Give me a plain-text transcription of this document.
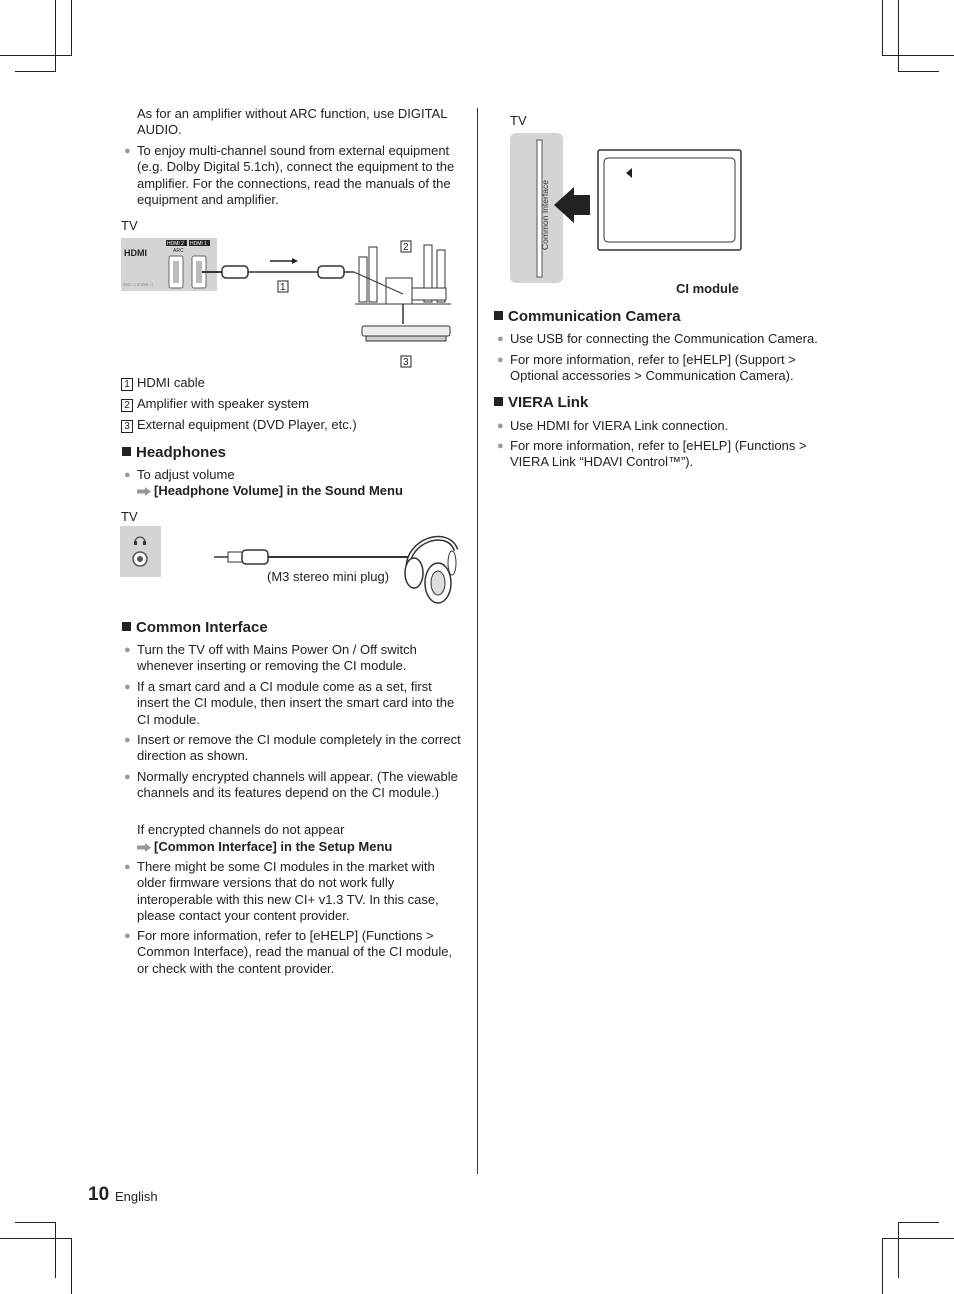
As for an amplifier without ARC function, use DIGITAL AUDIO.
● To enjoy multi-channel sound from external equipment (e.g. Dolby Digital 5.1ch), connect the equipment to the amplifier. For the connections, read the manuals of the equipment and amplifier.
TV
HDMI
HDMI 2
ARC
HDMI 1
SIG ◁ V:250 ◁
2
1
3
1 HDMI cable
2 Amplifier with speaker system
3 External equipment (DVD Player, etc.)
Headphones
● To adjust volume
[Headphone Volume] in the Sound Menu
TV
(M3 stereo mini plug)
Common Interface
● Turn the TV off with Mains Power On / Off switch whenever inserting or removing the CI module.
● If a smart card and a CI module come as a set, first insert the CI module, then insert the smart card into the CI module.
● Insert or remove the CI module completely in the correct direction as shown.
● Normally encrypted channels will appear. (The viewable channels and its features depend on the CI module.)
If encrypted channels do not appear
[Common Interface] in the Setup Menu
● There might be some CI modules in the market with older firmware versions that do not work fully interoperable with this new CI+ v1.3 TV. In this case, please contact your content provider.
● For more information, refer to [eHELP] (Functions > Common Interface), read the manual of the CI module, or check with the content provider.
TV
Common Interface
CI module
Communication Camera
● Use USB for connecting the Communication Camera.
● For more information, refer to [eHELP] (Support > Optional accessories > Communication Camera).
VIERA Link
● Use HDMI for VIERA Link connection.
● For more information, refer to [eHELP] (Functions > VIERA Link “HDAVI Control™”).
10 English
